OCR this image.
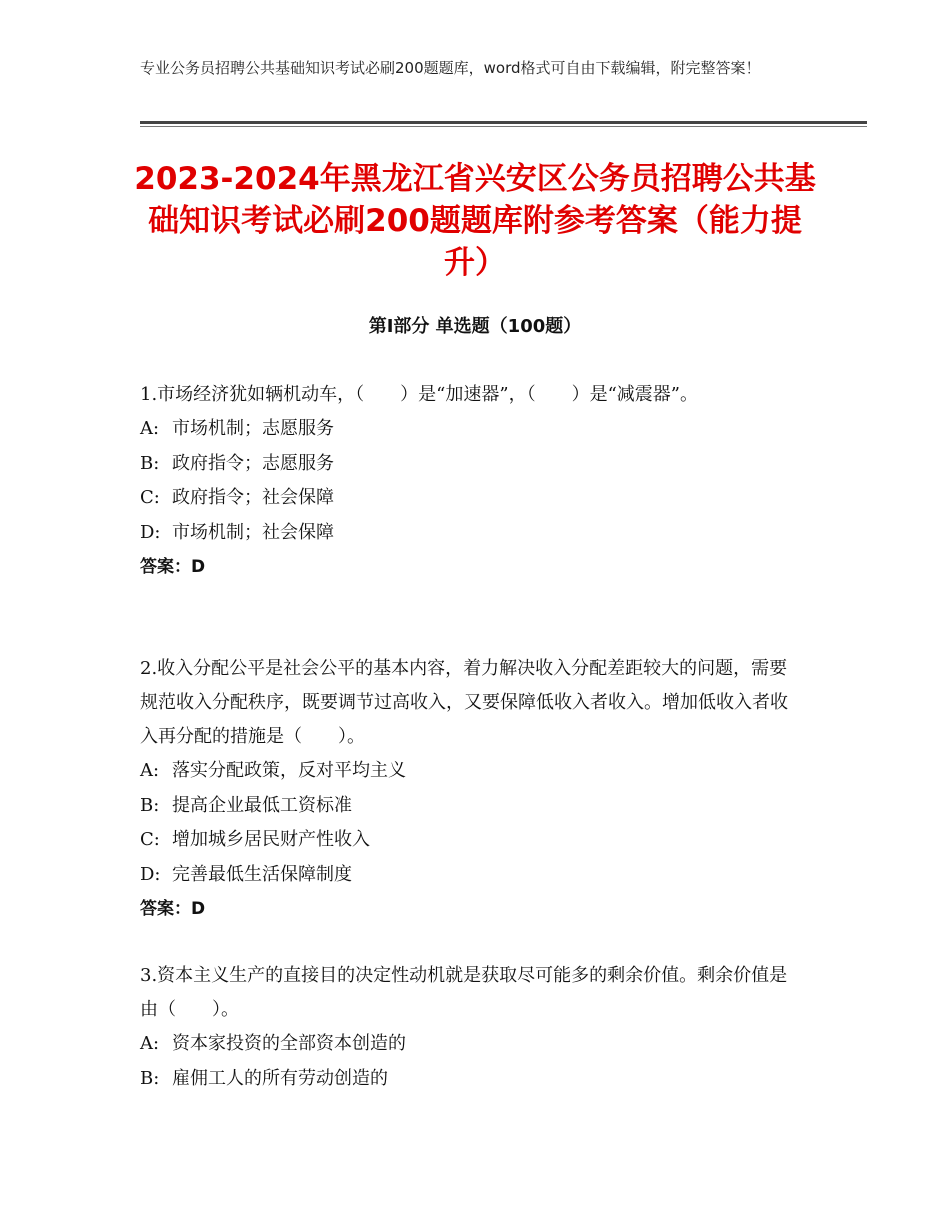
专业公务员招聘公共基础知识考试必刷200题题库，word格式可自由下载编辑，附完整答案！
2023-2024年黑龙江省兴安区公务员招聘公共基础知识考试必刷200题题库附参考答案（能力提升）
第Ⅰ部分 单选题（100题）

1.市场经济犹如辆机动车，（　　）是“加速器”，（　　）是“减震器”。

A: 市场机制；志愿服务

B: 政府指令；志愿服务

C: 政府指令；社会保障

D: 市场机制；社会保障

答案：D

2.收入分配公平是社会公平的基本内容，着力解决收入分配差距较大的问题，需要规范收入分配秩序，既要调节过高收入，又要保障低收入者收入。增加低收入者收入再分配的措施是（　　）。

A: 落实分配政策，反对平均主义

B: 提高企业最低工资标准

C: 增加城乡居民财产性收入

D: 完善最低生活保障制度

答案：D

3.资本主义生产的直接目的决定性动机就是获取尽可能多的剩余价值。剩余价值是由（　　）。

A: 资本家投资的全部资本创造的

B: 雇佣工人的所有劳动创造的
